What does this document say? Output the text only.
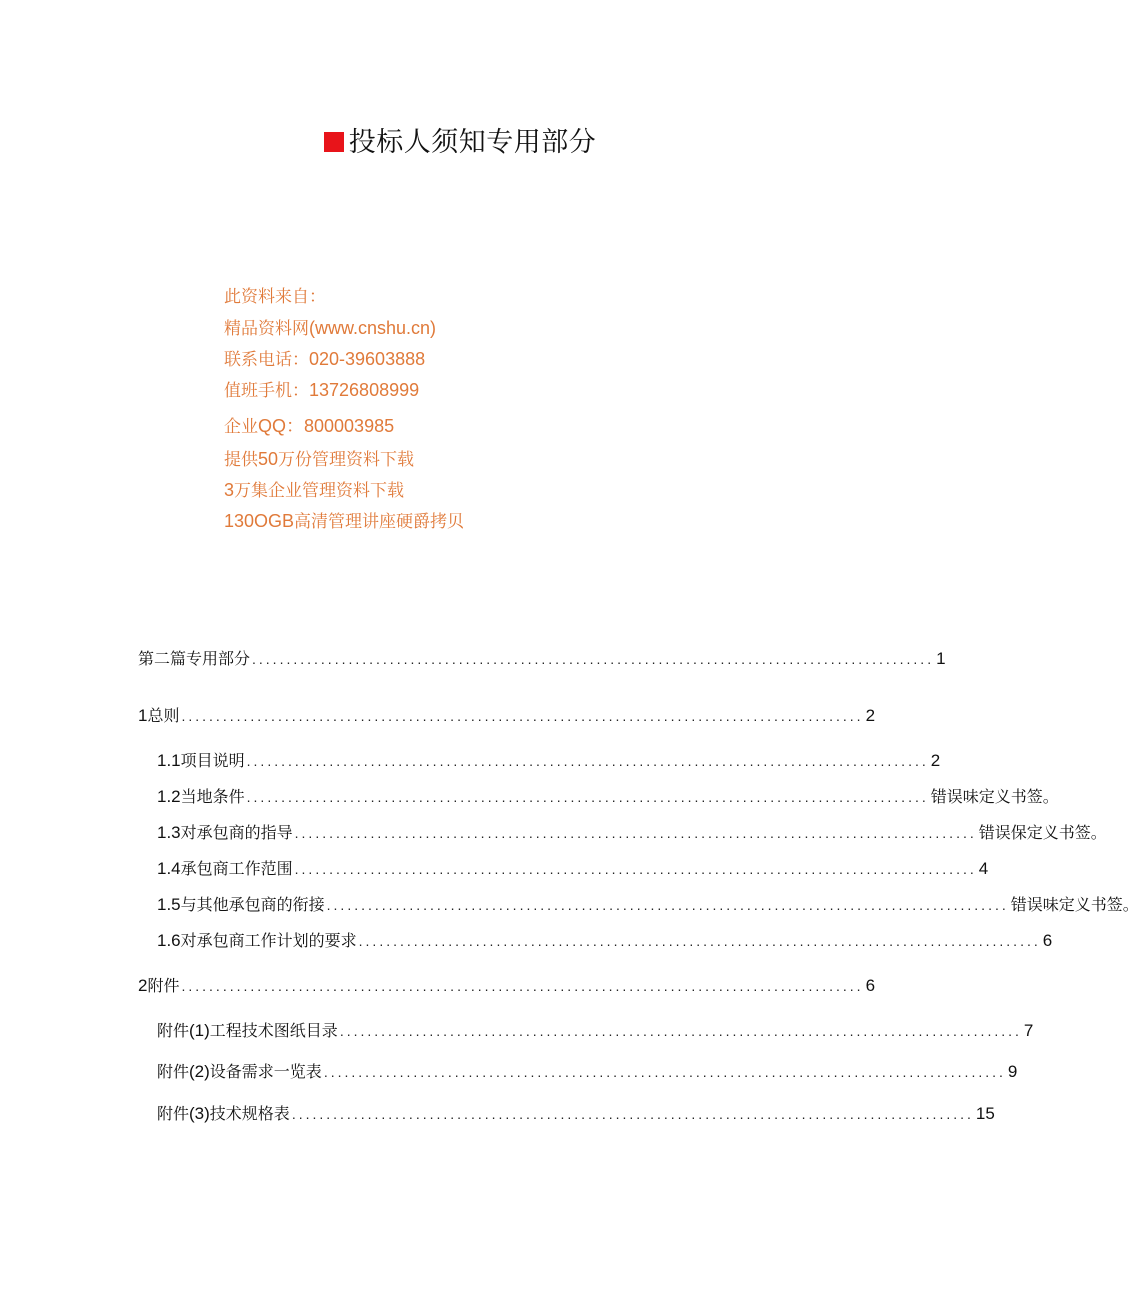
投标人须知专用部分
此资料来自：
精品资料网(www.cnshu.cn)
联系电话：020-39603888
值班手机：13726808999
企业QQ：800003985
提供50万份管理资料下载
3万集企业管理资料下载
130OGB高清管理讲座硬爵拷贝
第二篇专用部分 ................................................................................................... 1
1 总则 ................................................................................................... 2
1.1 项目说明 ................................................................................................... 2
1.2 当地条件 ................................................................................................... 错误味定义书签。
1.3 对承包商的指导 ................................................................................................... 错误保定义书签。
1.4 承包商工作范围 ................................................................................................... 4
1.5 与其他承包商的衔接 ................................................................................................... 错误味定义书签。
1.6 对承包商工作计划的要求 ................................................................................................... 6
2 附件 ................................................................................................... 6
附件(1)工程技术图纸目录 ................................................................................................... 7
附件(2)设备需求一览表 ................................................................................................... 9
附件(3)技术规格表 ................................................................................................... 15
